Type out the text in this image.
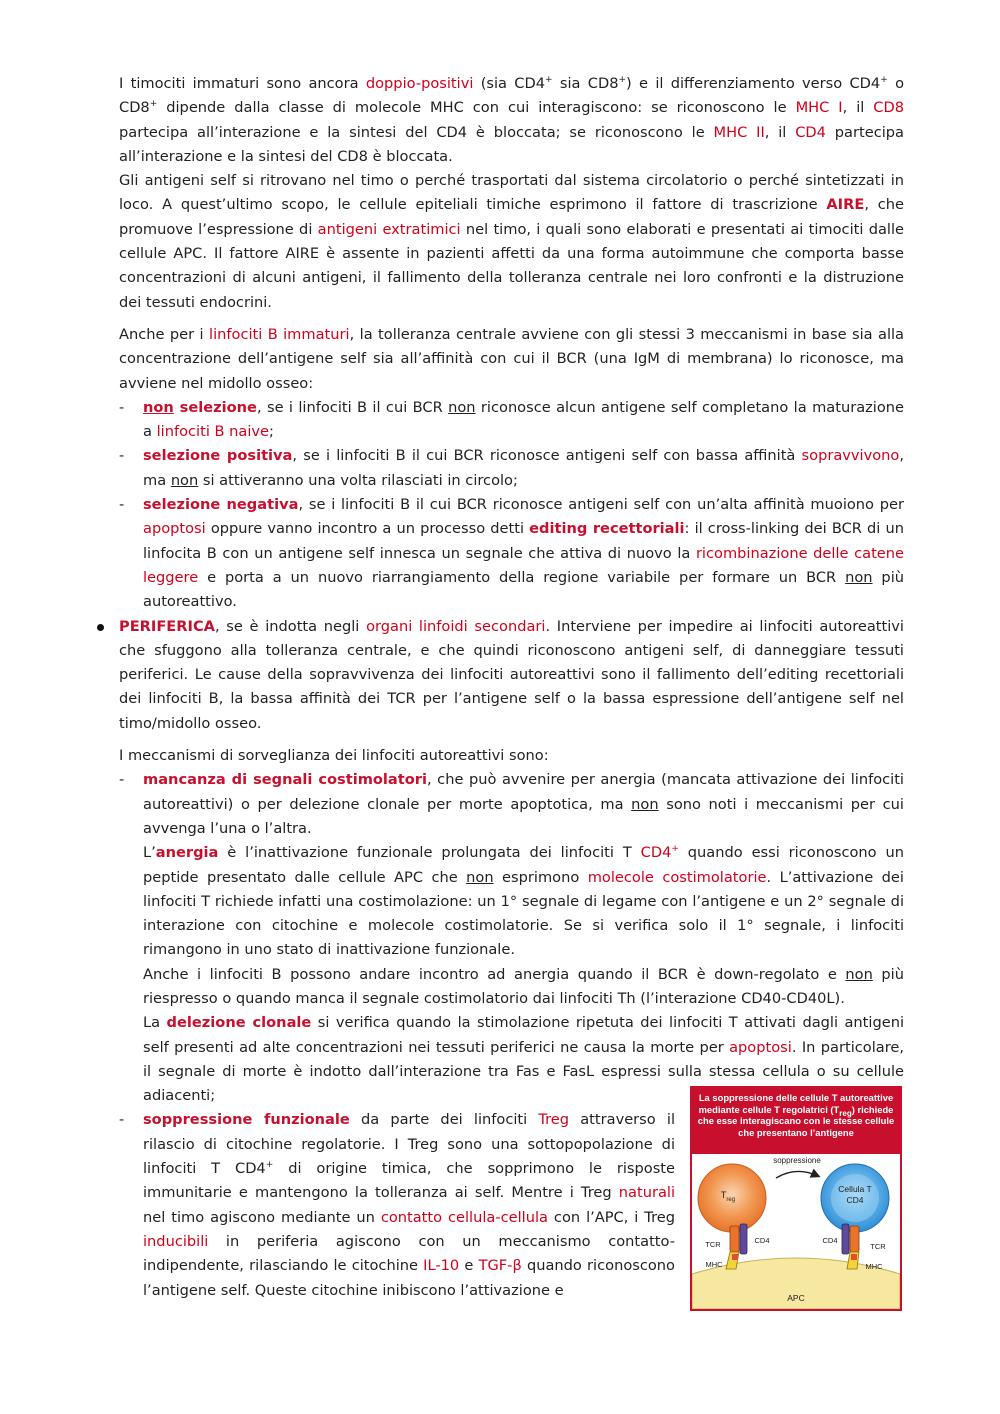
I timociti immaturi sono ancora doppio-positivi (sia CD4+ sia CD8+) e il differenziamento verso CD4+ o CD8+ dipende dalla classe di molecole MHC con cui interagiscono: se riconoscono le MHC I, il CD8 partecipa all’interazione e la sintesi del CD4 è bloccata; se riconoscono le MHC II, il CD4 partecipa all’interazione e la sintesi del CD8 è bloccata.

Gli antigeni self si ritrovano nel timo o perché trasportati dal sistema circolatorio o perché sintetizzati in loco. A quest’ultimo scopo, le cellule epiteliali timiche esprimono il fattore di trascrizione AIRE, che promuove l’espressione di antigeni extratimici nel timo, i quali sono elaborati e presentati ai timociti dalle cellule APC. Il fattore AIRE è assente in pazienti affetti da una forma autoimmune che comporta basse concentrazioni di alcuni antigeni, il fallimento della tolleranza centrale nei loro confronti e la distruzione dei tessuti endocrini.

Anche per i linfociti B immaturi, la tolleranza centrale avviene con gli stessi 3 meccanismi in base sia alla concentrazione dell’antigene self sia all’affinità con cui il BCR (una IgM di membrana) lo riconosce, ma avviene nel midollo osseo:

- non selezione, se i linfociti B il cui BCR non riconosce alcun antigene self completano la maturazione a linfociti B naive;
- selezione positiva, se i linfociti B il cui BCR riconosce antigeni self con bassa affinità sopravvivono, ma non si attiveranno una volta rilasciati in circolo;
- selezione negativa, se i linfociti B il cui BCR riconosce antigeni self con un’alta affinità muoiono per apoptosi oppure vanno incontro a un processo detti editing recettoriali: il cross-linking dei BCR di un linfocita B con un antigene self innesca un segnale che attiva di nuovo la ricombinazione delle catene leggere e porta a un nuovo riarrangiamento della regione variabile per formare un BCR non più autoreattivo.

PERIFERICA, se è indotta negli organi linfoidi secondari. Interviene per impedire ai linfociti autoreattivi che sfuggono alla tolleranza centrale, e che quindi riconoscono antigeni self, di danneggiare tessuti periferici. Le cause della sopravvivenza dei linfociti autoreattivi sono il fallimento dell’editing recettoriali dei linfociti B, la bassa affinità dei TCR per l’antigene self o la bassa espressione dell’antigene self nel timo/midollo osseo.

I meccanismi di sorveglianza dei linfociti autoreattivi sono:

- mancanza di segnali costimolatori, che può avvenire per anergia (mancata attivazione dei linfociti autoreattivi) o per delezione clonale per morte apoptotica, ma non sono noti i meccanismi per cui avvenga l’una o l’altra.

L’anergia è l’inattivazione funzionale prolungata dei linfociti T CD4+ quando essi riconoscono un peptide presentato dalle cellule APC che non esprimono molecole costimolatorie. L’attivazione dei linfociti T richiede infatti una costimolazione: un 1° segnale di legame con l’antigene e un 2° segnale di interazione con citochine e molecole costimolatorie. Se si verifica solo il 1° segnale, i linfociti rimangono in uno stato di inattivazione funzionale.

Anche i linfociti B possono andare incontro ad anergia quando il BCR è down-regolato e non più riespresso o quando manca il segnale costimolatorio dai linfociti Th (l’interazione CD40-CD40L).

La delezione clonale si verifica quando la stimolazione ripetuta dei linfociti T attivati dagli antigeni self presenti ad alte concentrazioni nei tessuti periferici ne causa la morte per apoptosi. In particolare, il segnale di morte è indotto dall’interazione tra Fas e FasL espressi sulla stessa cellula o su cellule adiacenti;

- soppressione funzionale da parte dei linfociti Treg attraverso il rilascio di citochine regolatorie. I Treg sono una sottopopolazione di linfociti T CD4+ di origine timica, che sopprimono le risposte immunitarie e mantengono la tolleranza ai self. Mentre i Treg naturali nel timo agiscono mediante un contatto cellula-cellula con l’APC, i Treg inducibili in periferia agiscono con un meccanismo contatto-indipendente, rilasciando le citochine IL-10 e TGF-β quando riconoscono l’antigene self. Queste citochine inibiscono l’attivazione e
La soppressione delle cellule T autoreattive mediante cellule T regolatrici $(T_{reg})$ richiede che esse interagiscano con le stesse cellule che presentano l’antigene
APC
$T_{reg}$
Cellula T
CD4
soppressione
TCR	CD4
MHC
CD4
TCR
MHC
